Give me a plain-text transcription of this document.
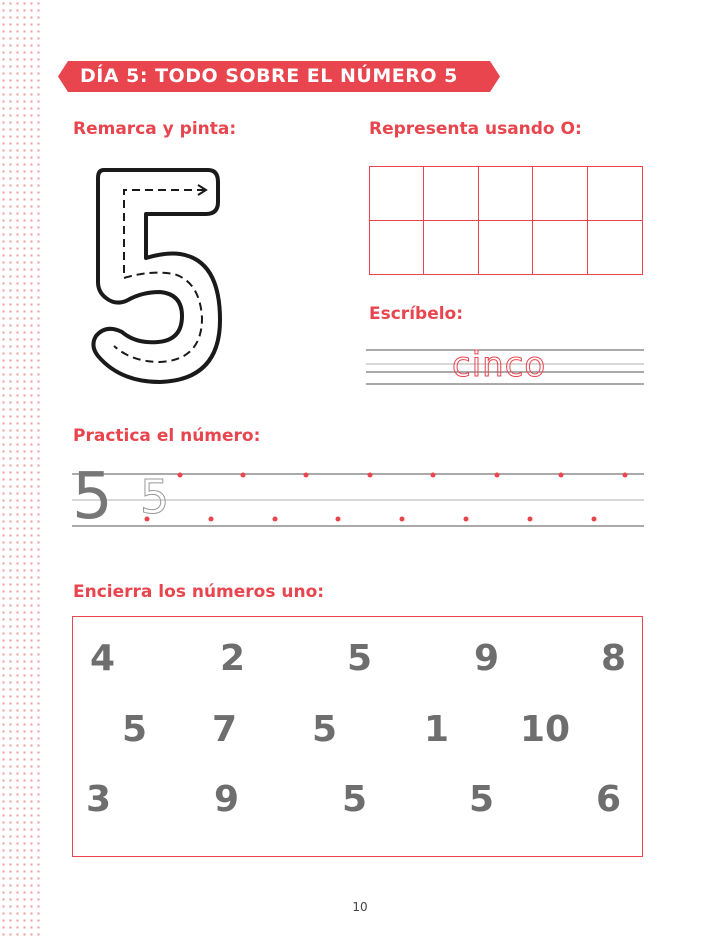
DÍA 5: TODO SOBRE EL NÚMERO 5
Remarca y pinta:	Representa usando O:
Escríbelo:
Practica el número:
Encierra los números uno:
cinco
5 5
4	2	5	9	8
5 7 5 1 10
3	9	5	5	6
10
